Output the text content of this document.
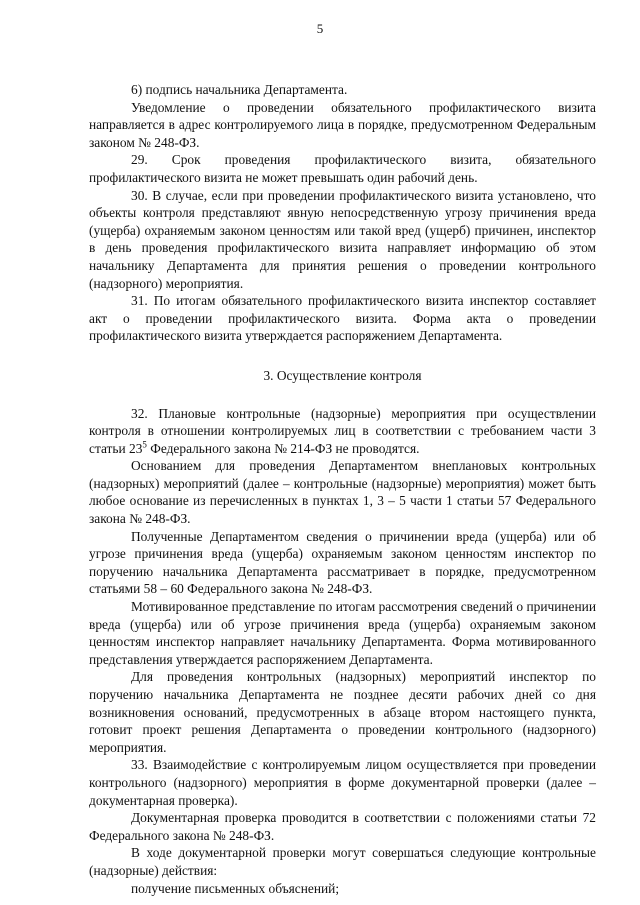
5

6) подпись начальника Департамента.

Уведомление о проведении обязательного профилактического визита направляется в адрес контролируемого лица в порядке, предусмотренном Федеральным законом № 248-ФЗ.

29. Срок проведения профилактического визита, обязательного профилактического визита не может превышать один рабочий день.

30. В случае, если при проведении профилактического визита установлено, что объекты контроля представляют явную непосредственную угрозу причинения вреда (ущерба) охраняемым законом ценностям или такой вред (ущерб) причинен, инспектор в день проведения профилактического визита направляет информацию об этом начальнику Департамента для принятия решения о проведении контрольного (надзорного) мероприятия.

31. По итогам обязательного профилактического визита инспектор составляет акт о проведении профилактического визита. Форма акта о проведении профилактического визита утверждается распоряжением Департамента.

3. Осуществление контроля

32. Плановые контрольные (надзорные) мероприятия при осуществлении контроля в отношении контролируемых лиц в соответствии с требованием части 3 статьи $23^5$ Федерального закона № 214-ФЗ не проводятся.

Основанием для проведения Департаментом внеплановых контрольных (надзорных) мероприятий (далее – контрольные (надзорные) мероприятия) может быть любое основание из перечисленных в пунктах 1, 3 – 5 части 1 статьи 57 Федерального закона № 248-ФЗ.

Полученные Департаментом сведения о причинении вреда (ущерба) или об угрозе причинения вреда (ущерба) охраняемым законом ценностям инспектор по поручению начальника Департамента рассматривает в порядке, предусмотренном статьями 58 – 60 Федерального закона № 248-ФЗ.

Мотивированное представление по итогам рассмотрения сведений о причинении вреда (ущерба) или об угрозе причинения вреда (ущерба) охраняемым законом ценностям инспектор направляет начальнику Департамента. Форма мотивированного представления утверждается распоряжением Департамента.

Для проведения контрольных (надзорных) мероприятий инспектор по поручению начальника Департамента не позднее десяти рабочих дней со дня возникновения оснований, предусмотренных в абзаце втором настоящего пункта, готовит проект решения Департамента о проведении контрольного (надзорного) мероприятия.

33. Взаимодействие с контролируемым лицом осуществляется при проведении контрольного (надзорного) мероприятия в форме документарной проверки (далее – документарная проверка).

Документарная проверка проводится в соответствии с положениями статьи 72 Федерального закона № 248-ФЗ.

В ходе документарной проверки могут совершаться следующие контрольные (надзорные) действия:

получение письменных объяснений;
